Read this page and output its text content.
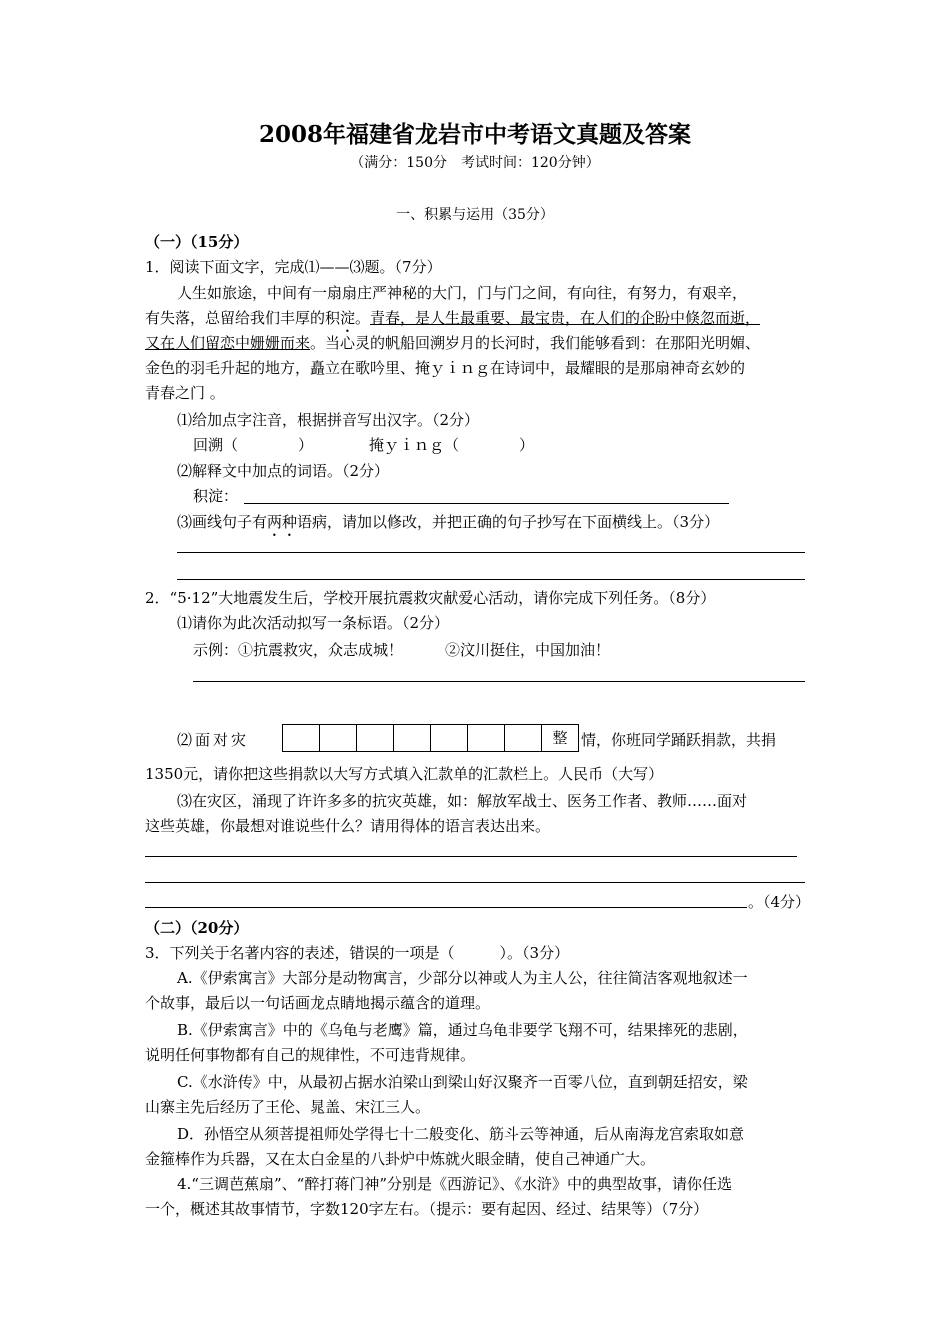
2008年福建省龙岩市中考语文真题及答案
（满分：150分　考试时间：120分钟）
一、积累与运用（35分）
（一）（15分）
1．阅读下面文字，完成⑴——⑶题。（7分）
人生如旅途，中间有一扇扇庄严神秘的大门，门与门之间，有向往，有努力，有艰辛，
有失落，总留给我们丰厚的积淀。青春，是人生最重要、最宝贵，在人们的企盼中倏忽而逝，
又在人们留恋中姗姗而来。当心灵的帆船回溯岁月的长河时，我们能够看到：在那阳光明媚、
金色的羽毛升起的地方，矗立在歌吟里、掩ｙｉｎｇ在诗词中，最耀眼的是那扇神奇玄妙的
青春之门 。
⑴给加点字注音，根据拼音写出汉字。（2分）
回溯（　　　　）	掩ｙｉｎｇ（　　　　）
⑵解释文中加点的词语。（2分）
积淀：
⑶画线句子有两种语病，请加以修改，并把正确的句子抄写在下面横线上。（3分）
2．“5·12”大地震发生后，学校开展抗震救灾献爱心活动，请你完成下列任务。（8分）
⑴请你为此次活动拟写一条标语。（2分）
示例：①抗震救灾，众志成城！	②汶川挺住，中国加油！
⑵面对灾	整 情，你班同学踊跃捐款，共捐
1350元，请你把这些捐款以大写方式填入汇款单的汇款栏上。人民币（大写）
⑶在灾区，涌现了许许多多的抗灾英雄，如：解放军战士、医务工作者、教师……面对
这些英雄，你最想对谁说些什么？请用得体的语言表达出来。
。（4分）
（二）（20分）
3．下列关于名著内容的表述，错误的一项是（　　　）。（3分）
A.《伊索寓言》大部分是动物寓言，少部分以神或人为主人公，往往简洁客观地叙述一
个故事，最后以一句话画龙点睛地揭示蕴含的道理。
B.《伊索寓言》中的《乌龟与老鹰》篇，通过乌龟非要学飞翔不可，结果摔死的悲剧，
说明任何事物都有自己的规律性，不可违背规律。
C.《水浒传》中，从最初占据水泊梁山到梁山好汉聚齐一百零八位，直到朝廷招安，梁
山寨主先后经历了王伦、晁盖、宋江三人。
D．孙悟空从须菩提祖师处学得七十二般变化、筋斗云等神通，后从南海龙宫索取如意
金箍棒作为兵器，又在太白金星的八卦炉中炼就火眼金睛，使自己神通广大。
4.“三调芭蕉扇”、“醉打蒋门神”分别是《西游记》、《水浒》中的典型故事，请你任选
一个，概述其故事情节，字数120字左右。（提示：要有起因、经过、结果等）（7分）
